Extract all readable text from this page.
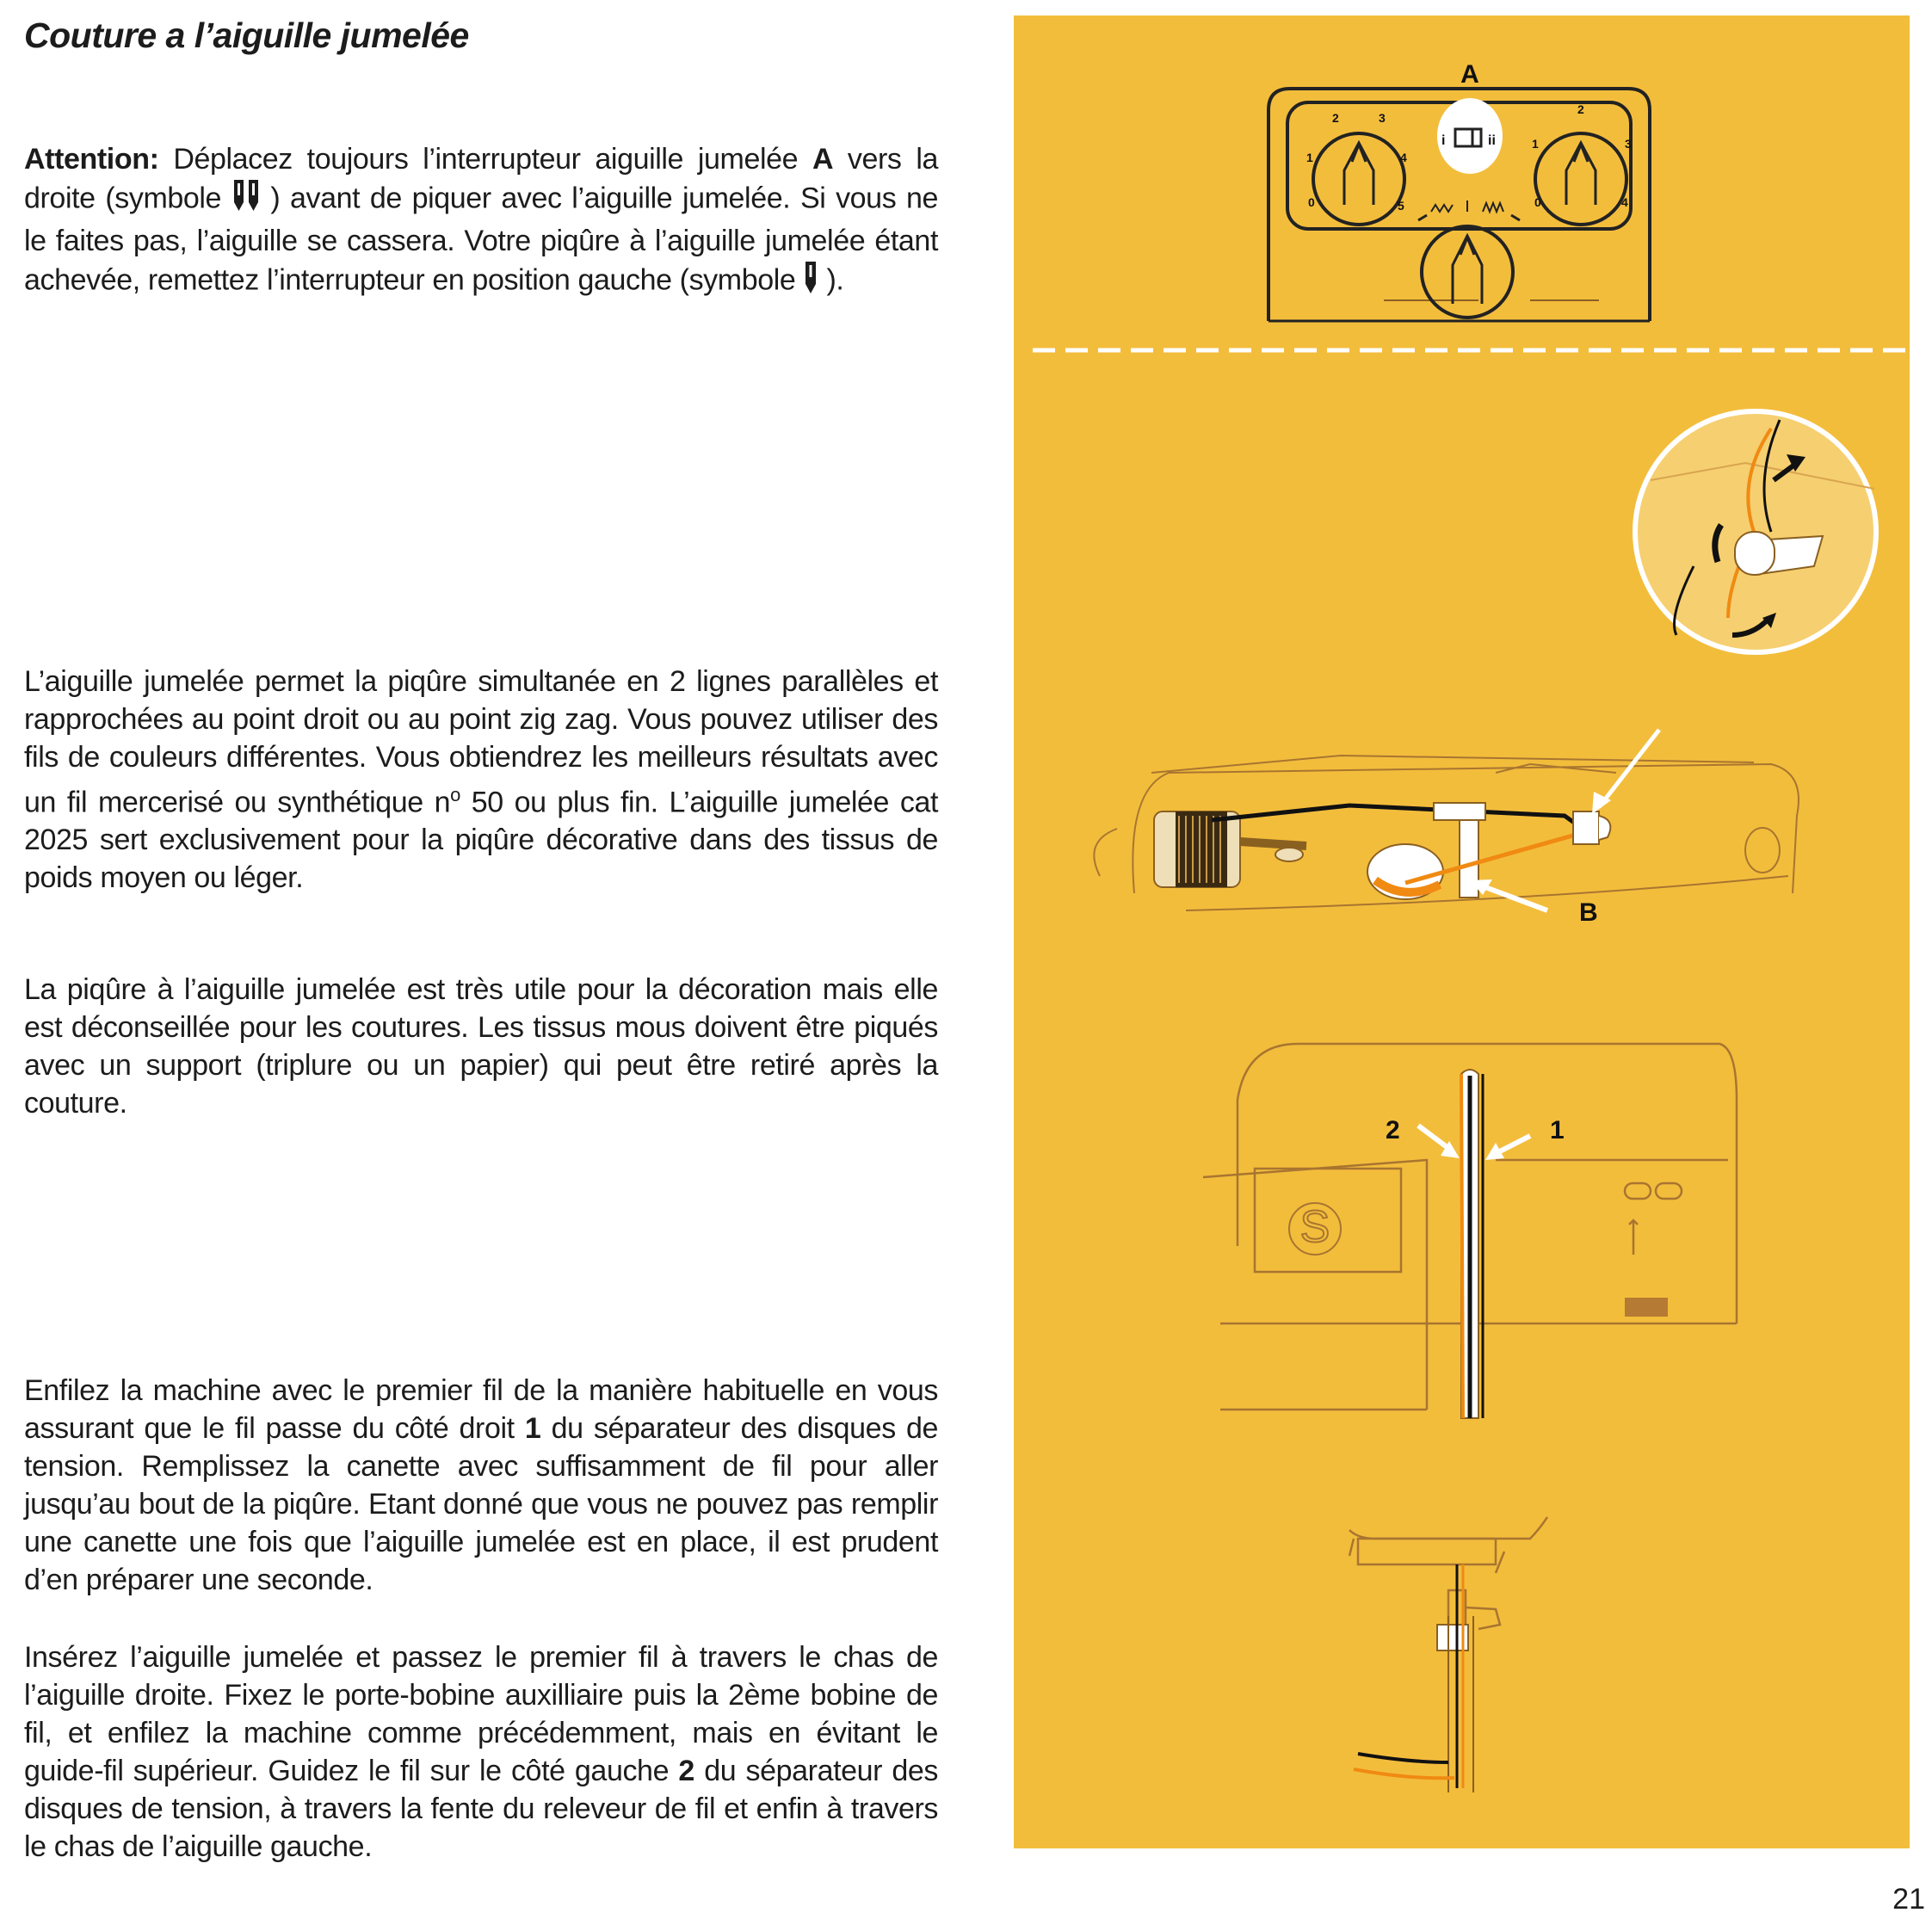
Couture a l’aiguille jumelée
Attention: Déplacez toujours l’interrupteur aiguille jumelée A vers la droite (symbole  ) avant de piquer avec l’aiguille jumelée. Si vous ne le faites pas, l’aiguille se cassera. Votre piqûre à l’aiguille jumelée étant achevée, remettez l’interrupteur en position gauche (symbole  ).
L’aiguille jumelée permet la piqûre simultanée en 2 lignes parallèles et rapprochées au point droit ou au point zig zag. Vous pouvez utiliser des fils de couleurs différentes. Vous obtiendrez les meilleurs résultats avec un fil mercerisé ou synthétique $n^o$ 50 ou plus fin. L’aiguille jumelée cat 2025 sert exclusivement pour la piqûre décorative dans des tissus de poids moyen ou léger.
La piqûre à l’aiguille jumelée est très utile pour la décoration mais elle est déconseillée pour les coutures. Les tissus mous doivent être piqués avec un support (triplure ou un papier) qui peut être retiré après la couture.
Enfilez la machine avec le premier fil de la manière habituelle en vous assurant que le fil passe du côté droit 1 du séparateur des disques de tension. Remplissez la canette avec suffisamment de fil pour aller jusqu’au bout de la piqûre. Etant donné que vous ne pouvez pas remplir une canette une fois que l’aiguille jumelée est en place, il est prudent d’en préparer une seconde.
Insérez l’aiguille jumelée et passez le premier fil à travers le chas de l’aiguille droite. Fixez le porte-bobine auxilliaire puis la 2ème bobine de fil, et enfilez la machine comme précédemment, mais en évitant le guide-fil supérieur. Guidez le fil sur le côté gauche 2 du séparateur des disques de tension, à travers la fente du releveur de fil et enfin à travers le chas de l’aiguille gauche.
21
i	ii
A
2	3
4
5
1
0
2
3
4
1
0
B
S
2	1
